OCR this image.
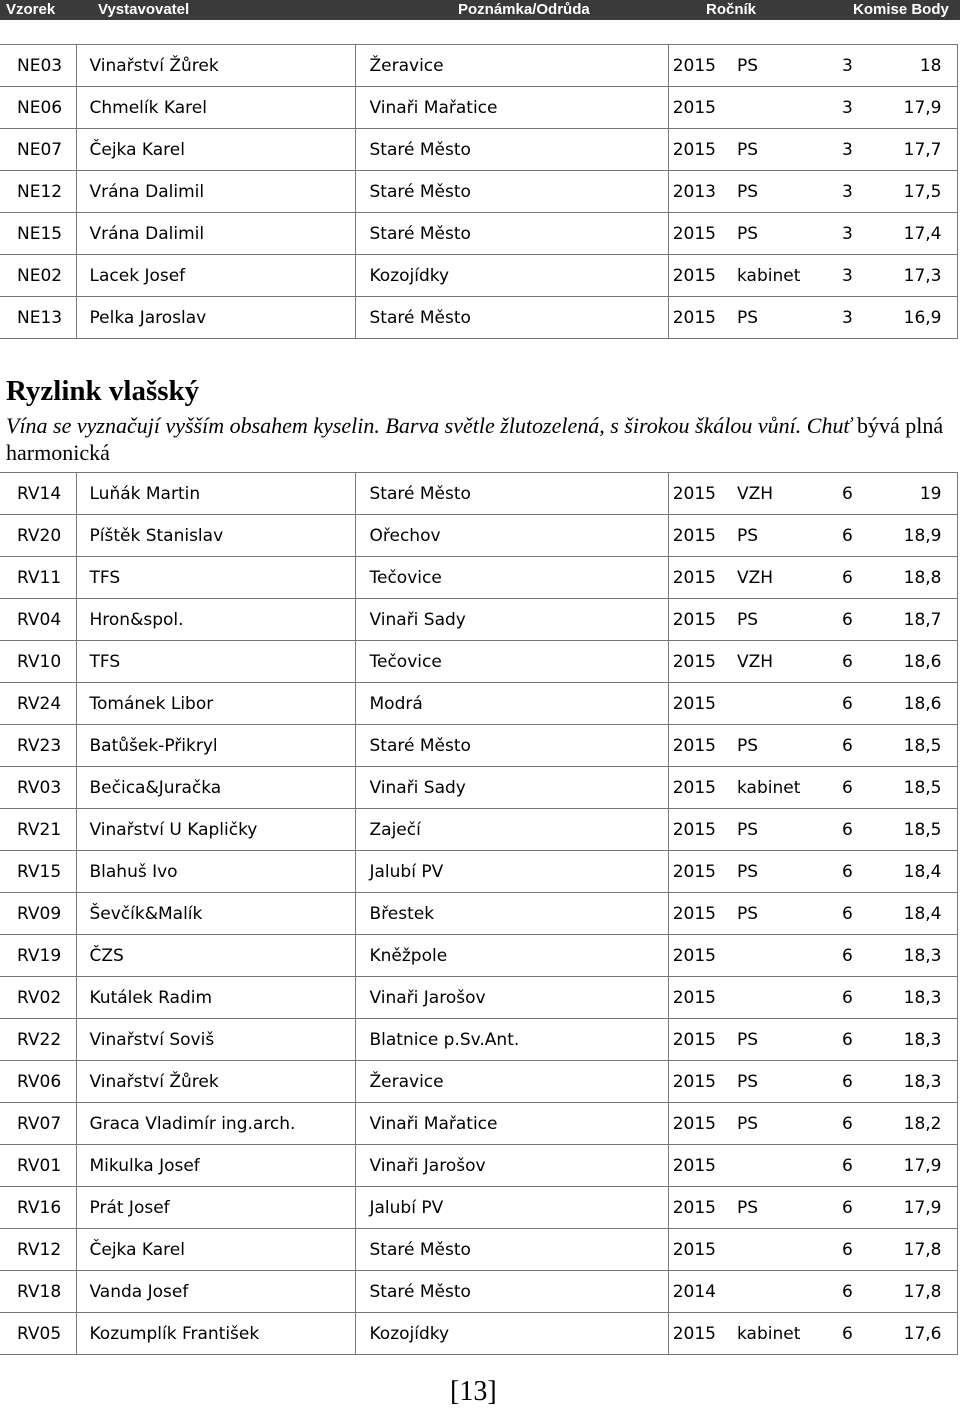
Vzorek	Vystavovatel	Poznámka/Odrůda	Ročník	Komise Body
NE03	Vinařství Žůrek	Žeravice	2015	PS	3	18
NE06	Chmelík Karel	Vinaři Mařatice	2015		3	17,9
NE07	Čejka Karel	Staré Město	2015	PS	3	17,7
NE12	Vrána Dalimil	Staré Město	2013	PS	3	17,5
NE15	Vrána Dalimil	Staré Město	2015	PS	3	17,4
NE02	Lacek Josef	Kozojídky	2015	kabinet	3	17,3
NE13	Pelka Jaroslav	Staré Město	2015	PS	3	16,9
Ryzlink vlašský
Vína se vyznačují vyšším obsahem kyselin. Barva světle žlutozelená, s širokou škálou vůní. Chuť bývá plná harmonická
RV14	Luňák Martin	Staré Město	2015	VZH	6	19
RV20	Píštěk Stanislav	Ořechov	2015	PS	6	18,9
RV11	TFS	Tečovice	2015	VZH	6	18,8
RV04	Hron&spol.	Vinaři Sady	2015	PS	6	18,7
RV10	TFS	Tečovice	2015	VZH	6	18,6
RV24	Tománek Libor	Modrá	2015		6	18,6
RV23	Batůšek-Přikryl	Staré Město	2015	PS	6	18,5
RV03	Bečica&Juračka	Vinaři Sady	2015	kabinet	6	18,5
RV21	Vinařství U Kapličky	Zaječí	2015	PS	6	18,5
RV15	Blahuš Ivo	Jalubí PV	2015	PS	6	18,4
RV09	Ševčík&Malík	Břestek	2015	PS	6	18,4
RV19	ČZS	Kněžpole	2015		6	18,3
RV02	Kutálek Radim	Vinaři Jarošov	2015		6	18,3
RV22	Vinařství Soviš	Blatnice p.Sv.Ant.	2015	PS	6	18,3
RV06	Vinařství Žůrek	Žeravice	2015	PS	6	18,3
RV07	Graca Vladimír ing.arch.	Vinaři Mařatice	2015	PS	6	18,2
RV01	Mikulka Josef	Vinaři Jarošov	2015		6	17,9
RV16	Prát Josef	Jalubí PV	2015	PS	6	17,9
RV12	Čejka Karel	Staré Město	2015		6	17,8
RV18	Vanda Josef	Staré Město	2014		6	17,8
RV05	Kozumplík František	Kozojídky	2015	kabinet	6	17,6
[13]
